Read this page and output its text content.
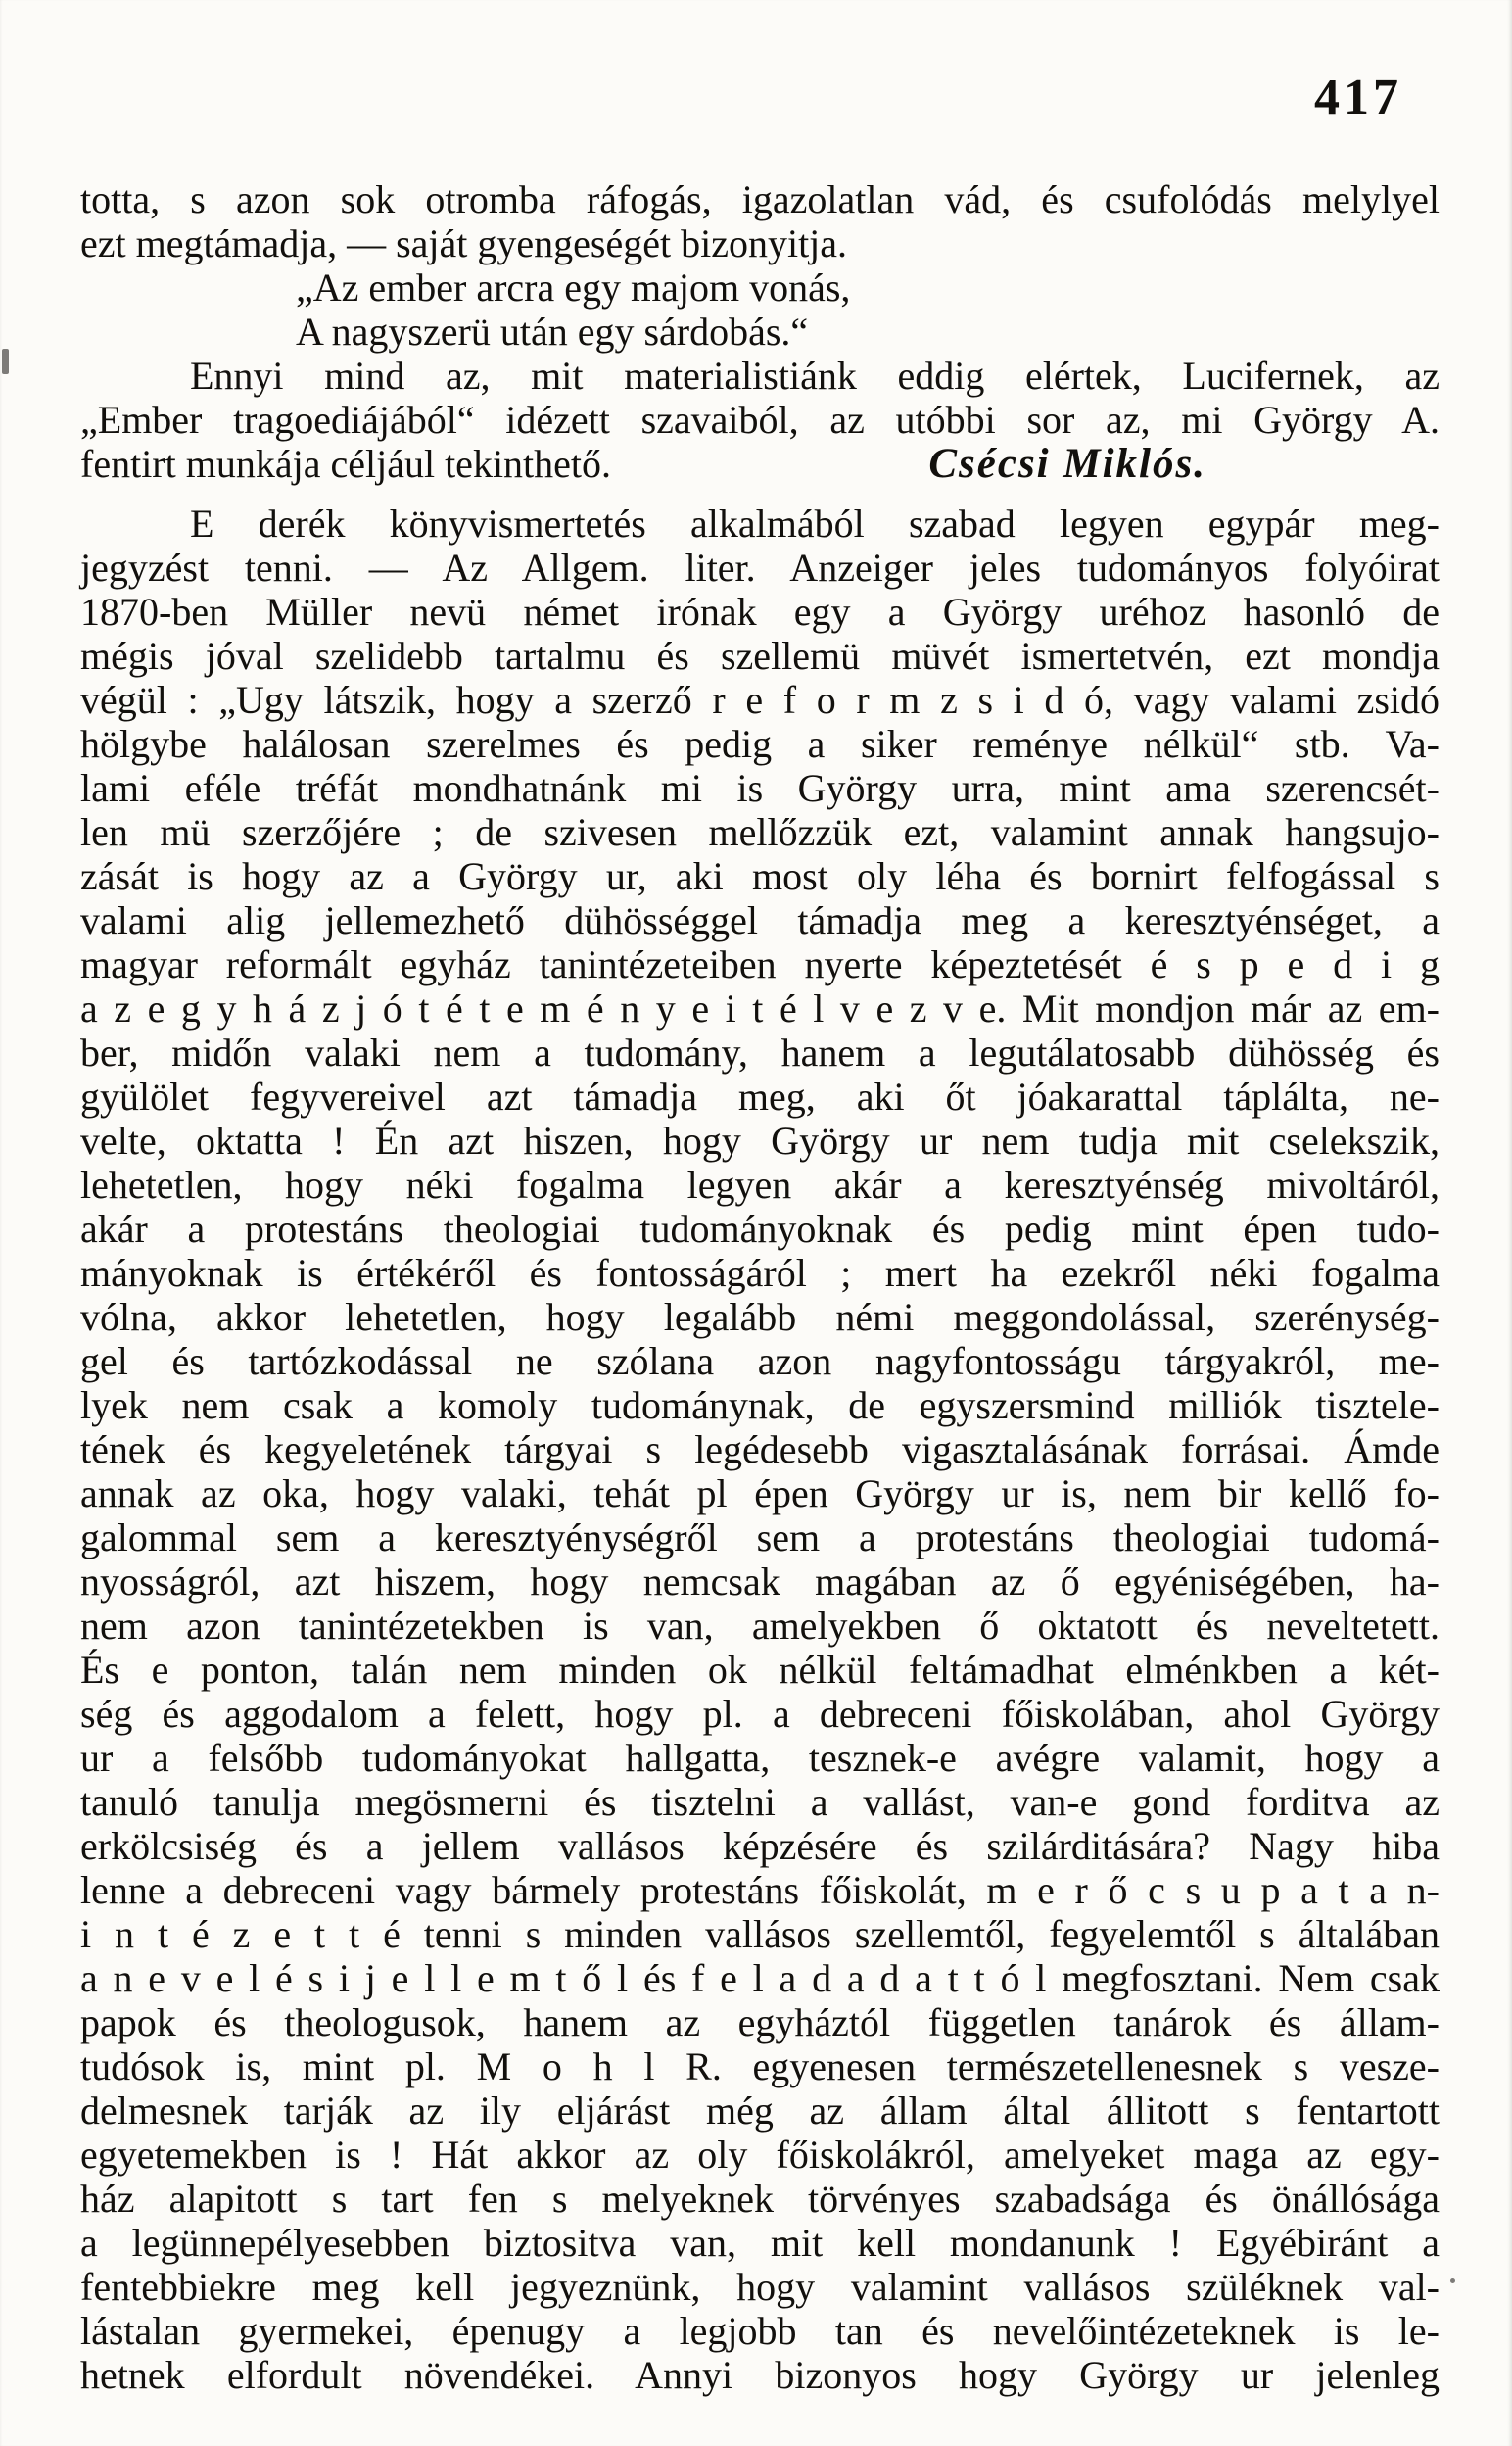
417
totta, s azon sok otromba ráfogás, igazolatlan vád, és csufolódás melylyel
ezt megtámadja, — saját gyengeségét bizonyitja.
„Az ember arcra egy majom vonás,
A nagyszerü után egy sárdobás.“
Ennyi mind az, mit materialistiánk eddig elértek, Lucifernek, az
„Ember tragoediájából“ idézett szavaiból, az utóbbi sor az, mi György A.
fentirt munkája céljául tekinthető.	Csécsi Miklós.
E derék könyvismertetés alkalmából szabad legyen egypár meg-
jegyzést tenni. — Az Allgem. liter. Anzeiger jeles tudományos folyóirat
1870-ben Müller nevü német irónak egy a György uréhoz hasonló de
mégis jóval szelidebb tartalmu és szellemü müvét ismertetvén, ezt mondja
végül : „Ugy látszik, hogy a szerző r e f o r m z s i d ó, vagy valami zsidó
hölgybe halálosan szerelmes és pedig a siker reménye nélkül“ stb. Va-
lami eféle tréfát mondhatnánk mi is György urra, mint ama szerencsét-
len mü szerzőjére ; de szivesen mellőzzük ezt, valamint annak hangsujo-
zását is hogy az a György ur, aki most oly léha és bornirt felfogással s
valami alig jellemezhető dühösséggel támadja meg a keresztyénséget, a
magyar reformált egyház tanintézeteiben nyerte képeztetését é s p e d i g
a z e g y h á z j ó t é t e m é n y e i t é l v e z v e. Mit mondjon már az em-
ber, midőn valaki nem a tudomány, hanem a legutálatosabb dühösség és
gyülölet fegyvereivel azt támadja meg, aki őt jóakarattal táplálta, ne-
velte, oktatta ! Én azt hiszen, hogy György ur nem tudja mit cselekszik,
lehetetlen, hogy néki fogalma legyen akár a keresztyénség mivoltáról,
akár a protestáns theologiai tudományoknak és pedig mint épen tudo-
mányoknak is értékéről és fontosságáról ; mert ha ezekről néki fogalma
vólna, akkor lehetetlen, hogy legalább némi meggondolással, szerénység-
gel és tartózkodással ne szólana azon nagyfontosságu tárgyakról, me-
lyek nem csak a komoly tudománynak, de egyszersmind milliók tisztele-
tének és kegyeletének tárgyai s legédesebb vigasztalásának forrásai. Ámde
annak az oka, hogy valaki, tehát pl épen György ur is, nem bir kellő fo-
galommal sem a keresztyénységről sem a protestáns theologiai tudomá-
nyosságról, azt hiszem, hogy nemcsak magában az ő egyéniségében, ha-
nem azon tanintézetekben is van, amelyekben ő oktatott és neveltetett.
És e ponton, talán nem minden ok nélkül feltámadhat elménkben a két-
ség és aggodalom a felett, hogy pl. a debreceni főiskolában, ahol György
ur a felsőbb tudományokat hallgatta, tesznek-e avégre valamit, hogy a
tanuló tanulja megösmerni és tisztelni a vallást, van-e gond forditva az
erkölcsiség és a jellem vallásos képzésére és szilárditására? Nagy hiba
lenne a debreceni vagy bármely protestáns főiskolát, m e r ő c s u p a t a n-
i n t é z e t t é tenni s minden vallásos szellemtől, fegyelemtől s általában
a n e v e l é s i j e l l e m t ő l és f e l a d a d a t t ó l megfosztani. Nem csak
papok és theologusok, hanem az egyháztól független tanárok és állam-
tudósok is, mint pl. M o h l R. egyenesen természetellenesnek s vesze-
delmesnek tarják az ily eljárást még az állam által állitott s fentartott
egyetemekben is ! Hát akkor az oly főiskolákról, amelyeket maga az egy-
ház alapitott s tart fen s melyeknek törvényes szabadsága és önállósága
a legünnepélyesebben biztositva van, mit kell mondanunk ! Egyébiránt a
fentebbiekre meg kell jegyeznünk, hogy valamint vallásos szüléknek val-
lástalan gyermekei, épenugy a legjobb tan és nevelőintézeteknek is le-
hetnek elfordult növendékei. Annyi bizonyos hogy György ur jelenleg
